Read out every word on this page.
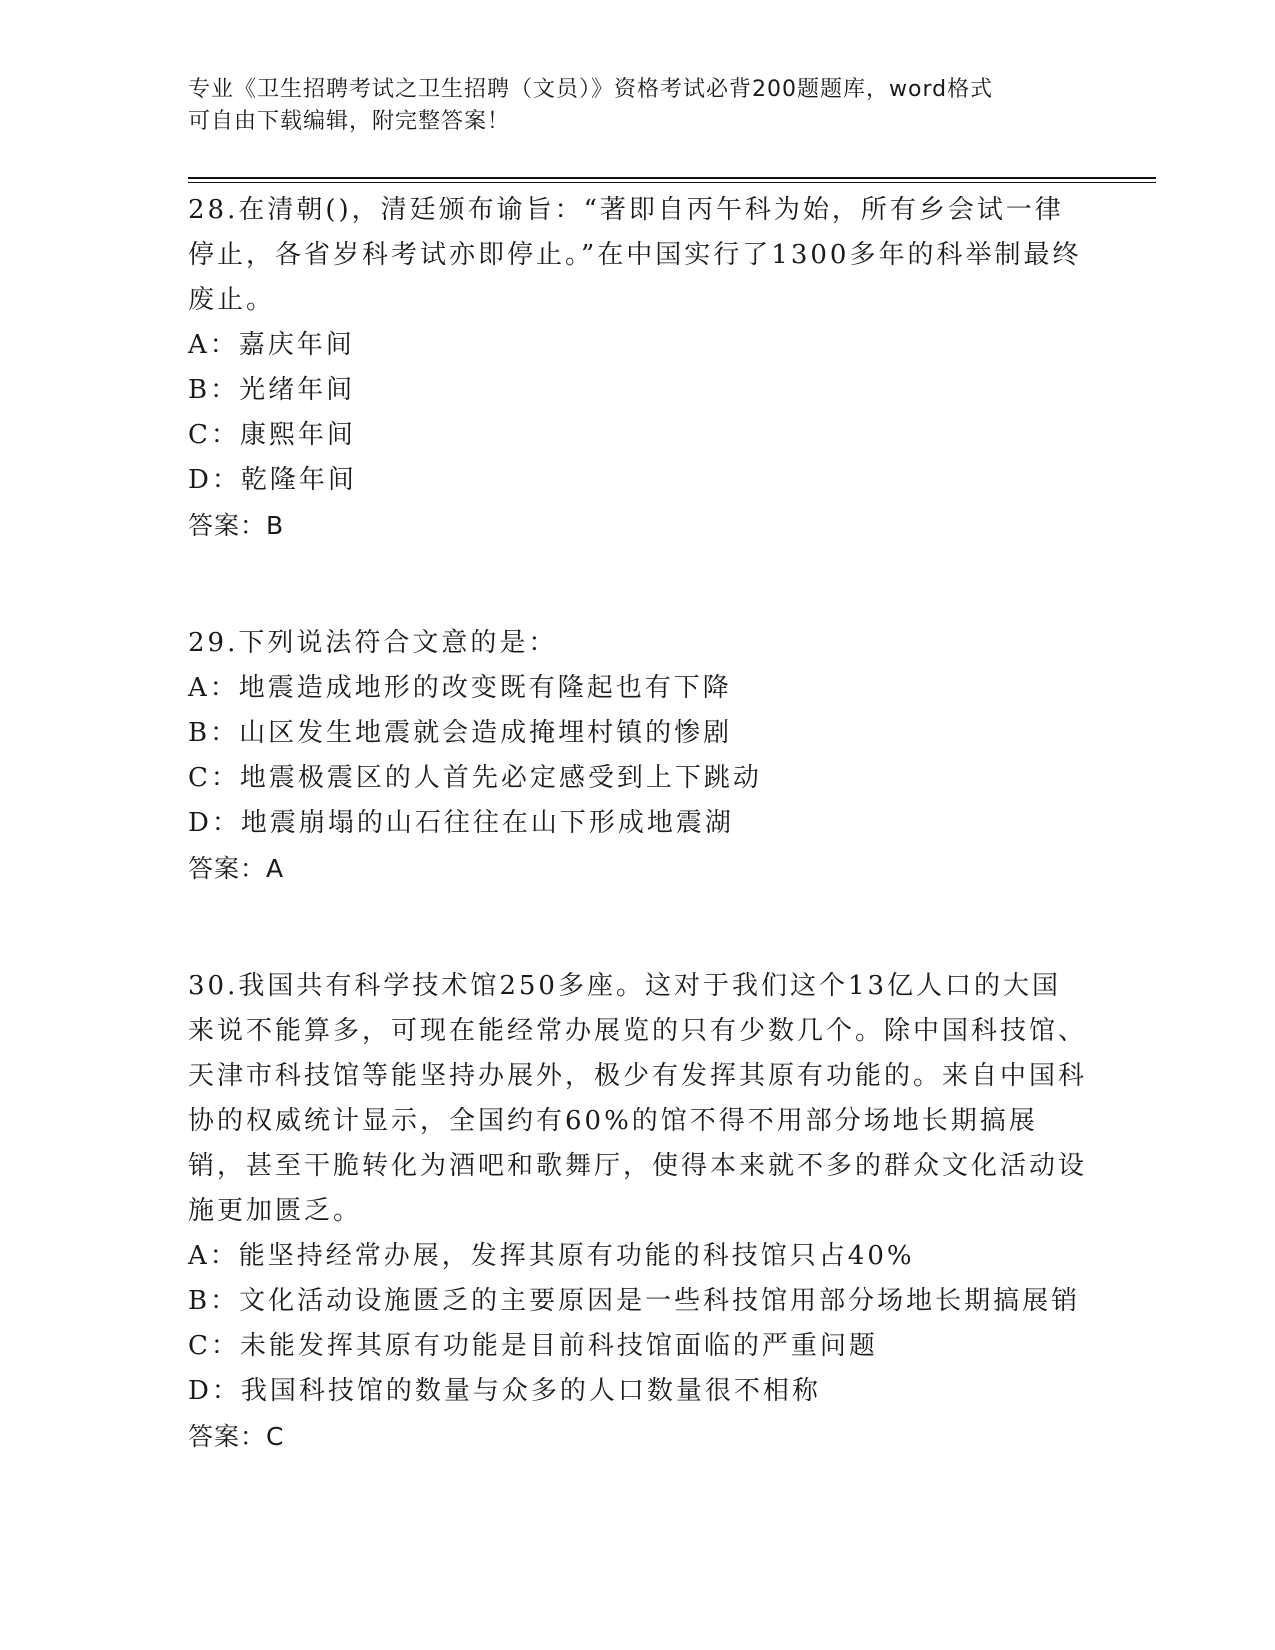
专业《卫生招聘考试之卫生招聘（文员）》资格考试必背200题题库，word格式
可自由下载编辑，附完整答案！

28.在清朝()，清廷颁布谕旨：“著即自丙午科为始，所有乡会试一律停止，各省岁科考试亦即停止。”在中国实行了1300多年的科举制最终废止。

A：嘉庆年间

B：光绪年间

C：康熙年间

D：乾隆年间

答案：B

29.下列说法符合文意的是：

A：地震造成地形的改变既有隆起也有下降

B：山区发生地震就会造成掩埋村镇的惨剧

C：地震极震区的人首先必定感受到上下跳动

D：地震崩塌的山石往往在山下形成地震湖

答案：A

30.我国共有科学技术馆250多座。这对于我们这个13亿人口的大国来说不能算多，可现在能经常办展览的只有少数几个。除中国科技馆、天津市科技馆等能坚持办展外，极少有发挥其原有功能的。来自中国科协的权威统计显示，全国约有60%的馆不得不用部分场地长期搞展销，甚至干脆转化为酒吧和歌舞厅，使得本来就不多的群众文化活动设施更加匮乏。

A：能坚持经常办展，发挥其原有功能的科技馆只占40%

B：文化活动设施匮乏的主要原因是一些科技馆用部分场地长期搞展销

C：未能发挥其原有功能是目前科技馆面临的严重问题

D：我国科技馆的数量与众多的人口数量很不相称

答案：C
